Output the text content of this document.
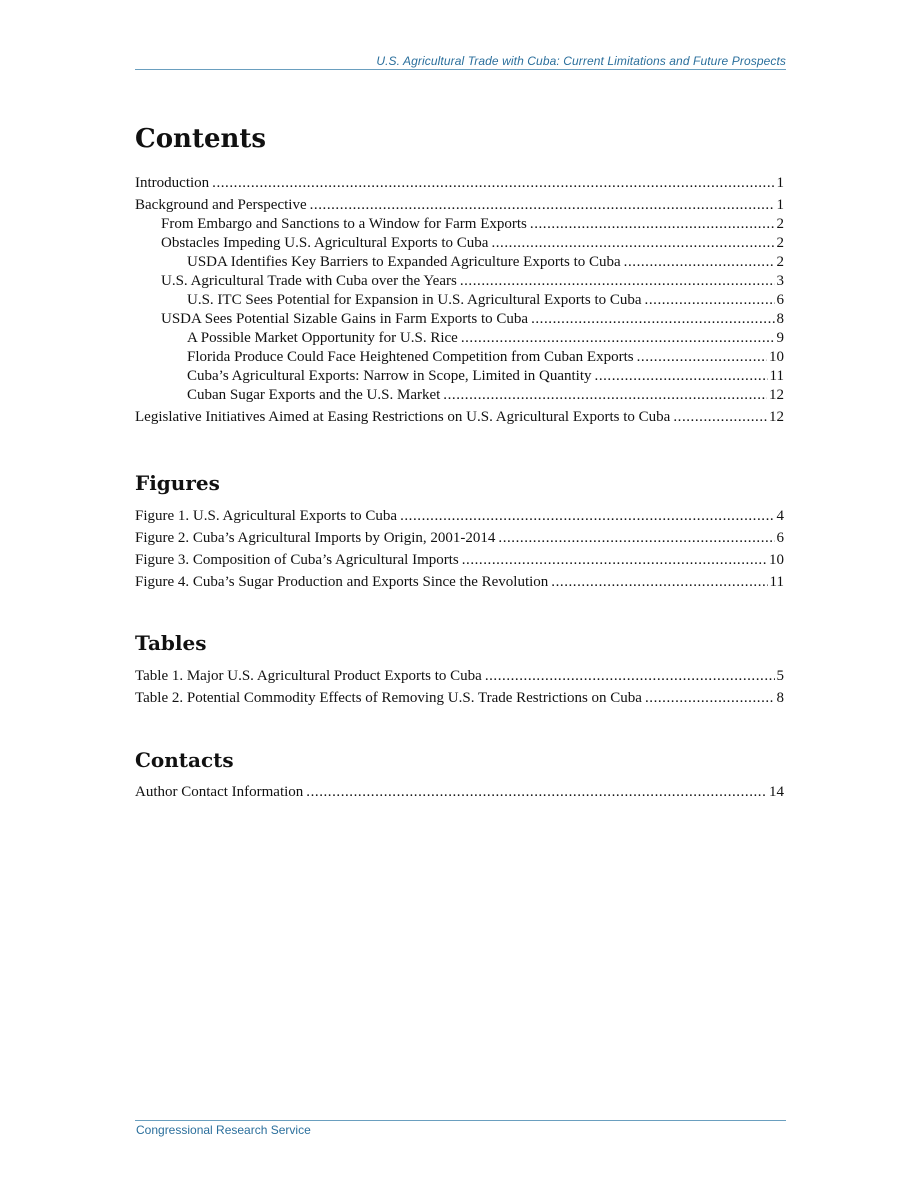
U.S. Agricultural Trade with Cuba: Current Limitations and Future Prospects
Contents
Introduction . . .	1
Background and Perspective . . .	1
From Embargo and Sanctions to a Window for Farm Exports . . .	2
Obstacles Impeding U.S. Agricultural Exports to Cuba . . .	2
USDA Identifies Key Barriers to Expanded Agriculture Exports to Cuba . . .	2
U.S. Agricultural Trade with Cuba over the Years . . .	3
U.S. ITC Sees Potential for Expansion in U.S. Agricultural Exports to Cuba . . .	6
USDA Sees Potential Sizable Gains in Farm Exports to Cuba . . .	8
A Possible Market Opportunity for U.S. Rice . . .	9
Florida Produce Could Face Heightened Competition from Cuban Exports . . .	10
Cuba’s Agricultural Exports: Narrow in Scope, Limited in Quantity . . .	11
Cuban Sugar Exports and the U.S. Market . . .	12
Legislative Initiatives Aimed at Easing Restrictions on U.S. Agricultural Exports to Cuba . . .	12
Figures
Figure 1. U.S. Agricultural Exports to Cuba . . .	4
Figure 2. Cuba’s Agricultural Imports by Origin, 2001-2014 . . .	6
Figure 3. Composition of Cuba’s Agricultural Imports . . .	10
Figure 4. Cuba’s Sugar Production and Exports Since the Revolution . . .	11
Tables
Table 1. Major U.S. Agricultural Product Exports to Cuba . . .	5
Table 2. Potential Commodity Effects of Removing U.S. Trade Restrictions on Cuba . . .	8
Contacts
Author Contact Information . . .	14
Congressional Research Service
